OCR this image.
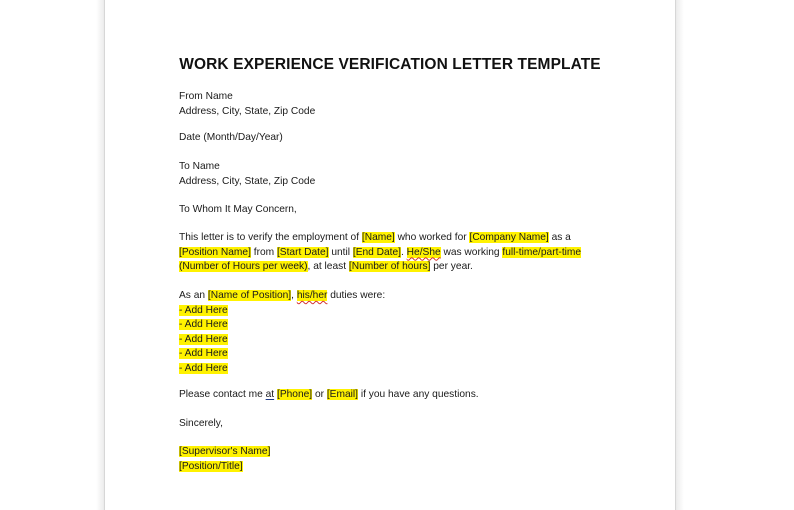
WORK EXPERIENCE VERIFICATION LETTER TEMPLATE
From Name
Address, City, State, Zip Code
Date (Month/Day/Year)
To Name
Address, City, State, Zip Code
To Whom It May Concern,
This letter is to verify the employment of [Name] who worked for [Company Name] as a
[Position Name] from [Start Date] until [End Date]. He/She was working full-time/part-time
(Number of Hours per week), at least [Number of hours] per year.
As an [Name of Position], his/her duties were:
- Add Here
- Add Here
- Add Here
- Add Here
- Add Here
Please contact me at [Phone] or [Email] if you have any questions.
Sincerely,
[Supervisor's Name]
[Position/Title]
